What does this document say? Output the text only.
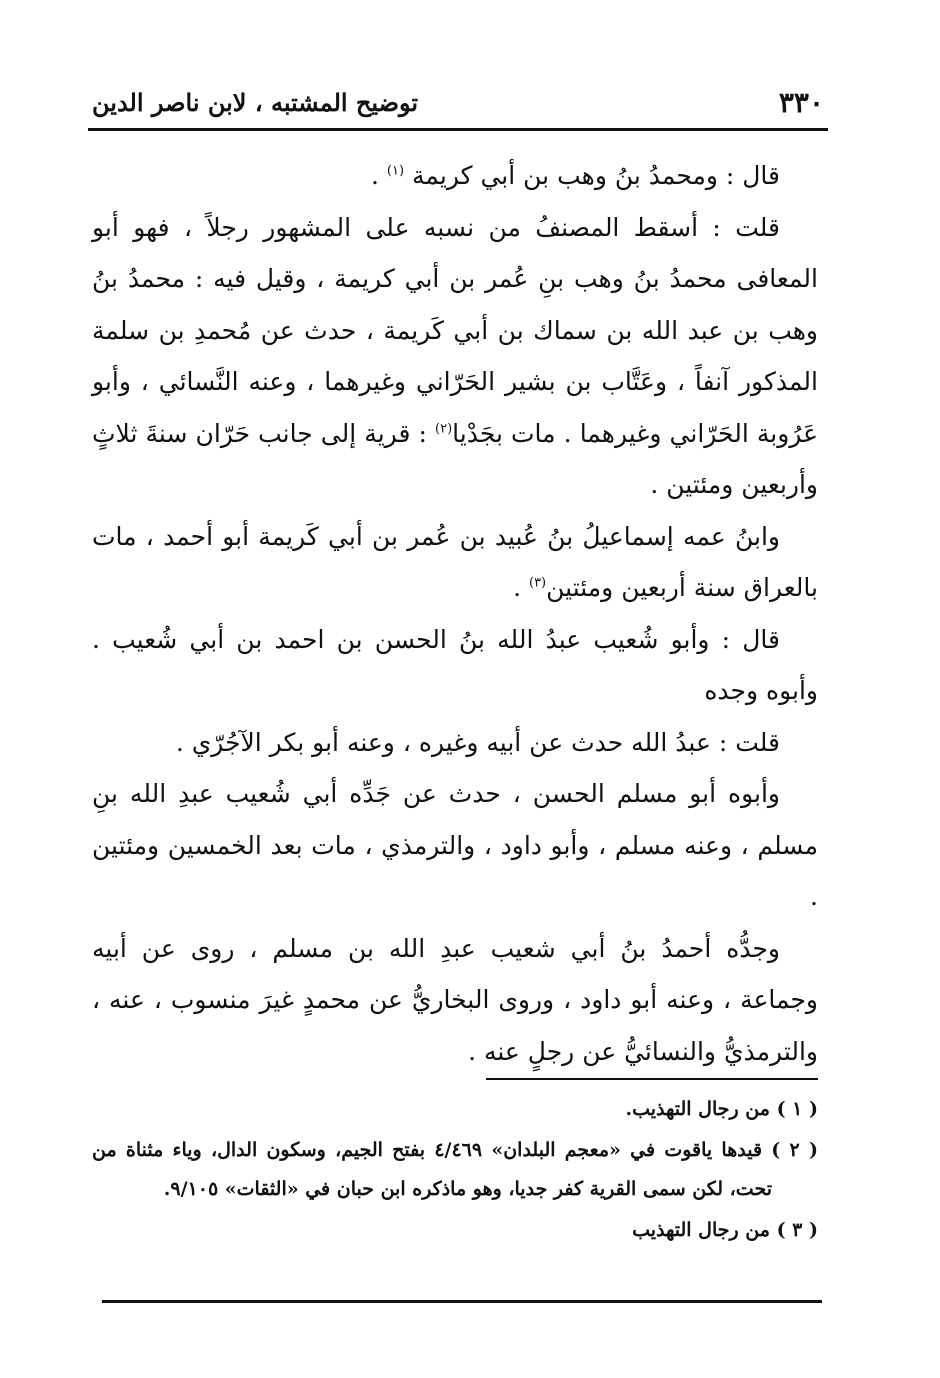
٣٣٠
توضيح المشتبه ، لابن ناصر الدين

قال : ومحمدُ بنُ وهب بن أبي كريمة $^{(١)}$ .

قلت : أسقط المصنفُ من نسبه على المشهور رجلاً ، فهو أبو المعافى محمدُ بنُ وهب بنِ عُمر بن أبي كريمة ، وقيل فيه : محمدُ بنُ وهب بن عبد الله بن سماك بن أبي كَريمة ، حدث عن مُحمدِ بن سلمة المذكور آنفاً ، وعَتَّاب بن بشير الحَرّاني وغيرهما ، وعنه النَّسائي ، وأبو عَرُوبة الحَرّاني وغيرهما . مات بجَدْيا$^{(٢)}$ : قرية إلى جانب حَرّان سنةَ ثلاثٍ وأربعين ومئتين .

وابنُ عمه إسماعيلُ بنُ عُبيد بن عُمر بن أبي كَريمة أبو أحمد ، مات بالعراق سنة أربعين ومئتين$^{(٣)}$ .

قال : وأبو شُعيب عبدُ الله بنُ الحسن بن احمد بن أبي شُعيب . وأبوه وجده

قلت : عبدُ الله حدث عن أبيه وغيره ، وعنه أبو بكر الآجُرّي .

وأبوه أبو مسلم الحسن ، حدث عن جَدِّه أبي شُعيب عبدِ الله بنِ مسلم ، وعنه مسلم ، وأبو داود ، والترمذي ، مات بعد الخمسين ومئتين .

وجدُّه أحمدُ بنُ أبي شعيب عبدِ الله بن مسلم ، روى عن أبيه وجماعة ، وعنه أبو داود ، وروى البخاريُّ عن محمدٍ غيرَ منسوب ، عنه ، والترمذيُّ والنسائيُّ عن رجلٍ عنه .

( ١ ) من رجال التهذيب.

( ٢ ) قيدها ياقوت في «معجم البلدان» ٤/٤٦٩ بفتح الجيم، وسكون الدال، وياء مثناة من تحت، لكن سمى القرية كفر جديا، وهو ماذكره ابن حبان في «الثقات» ٩/١٠٥.

( ٣ ) من رجال التهذيب
